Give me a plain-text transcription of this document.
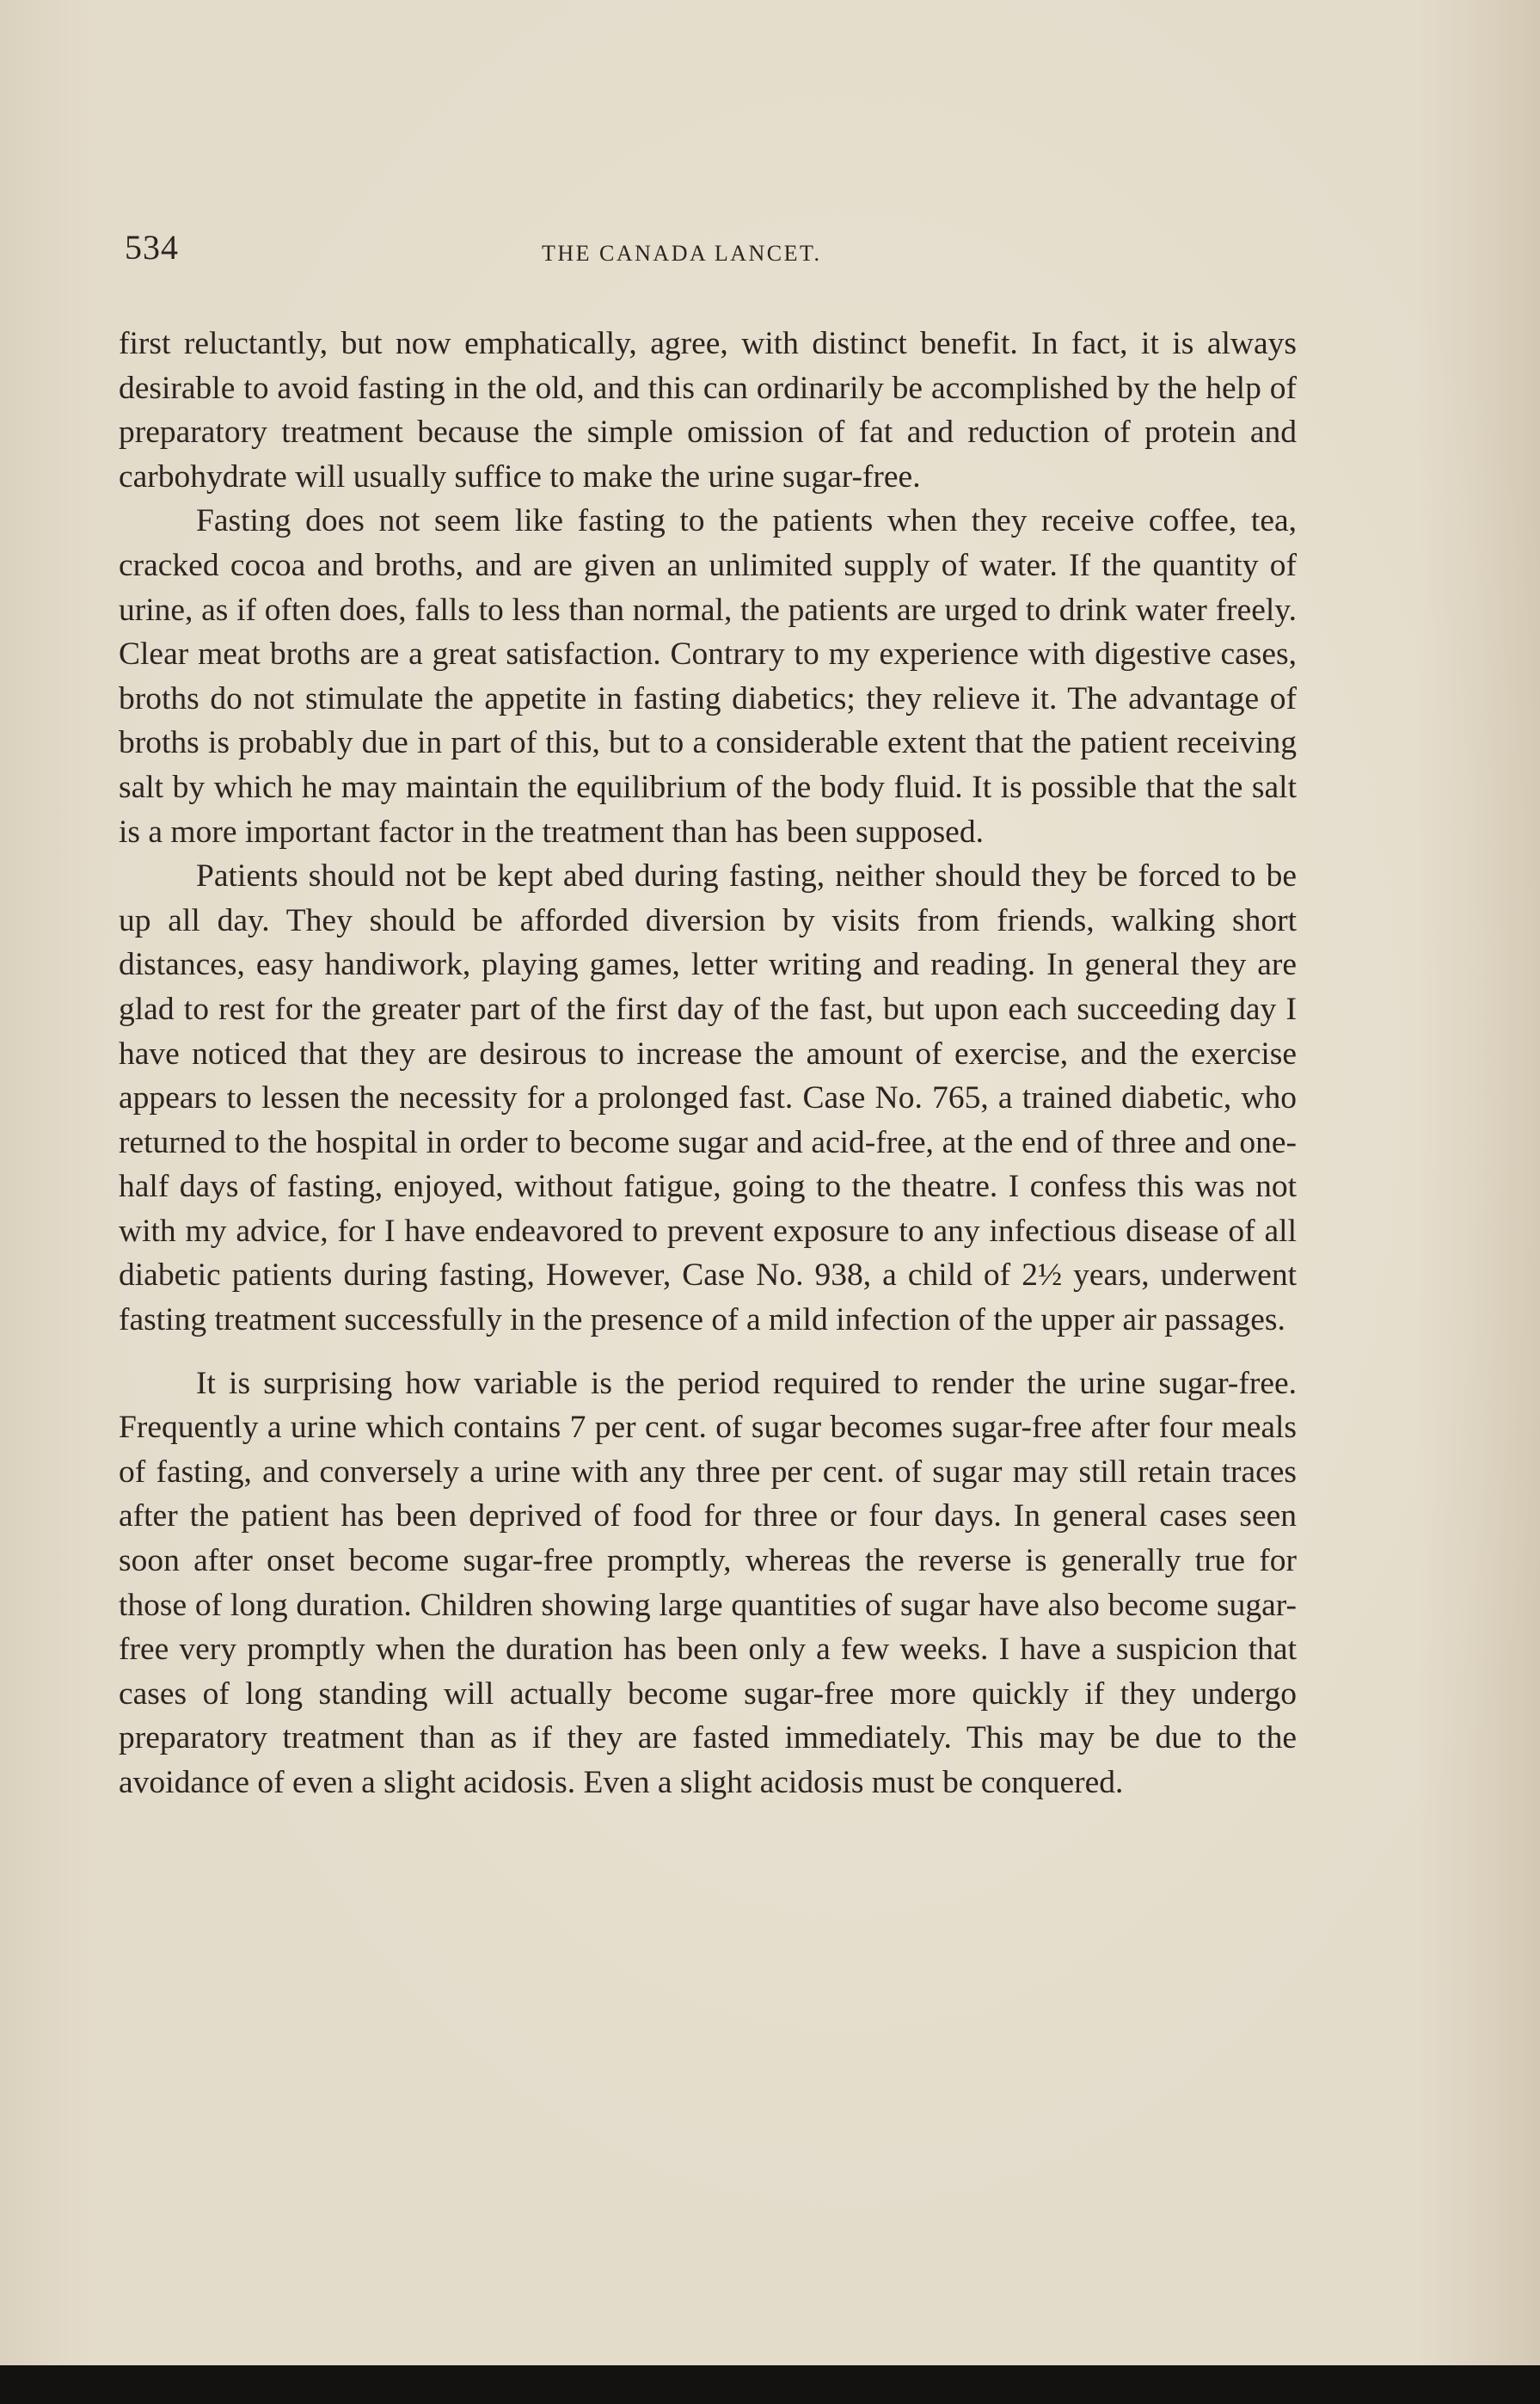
534	THE CANADA LANCET.

first reluctantly, but now emphatically, agree, with distinct benefit. In fact, it is always desirable to avoid fasting in the old, and this can ordinarily be accomplished by the help of preparatory treatment because the simple omission of fat and reduction of protein and carbohydrate will usually suffice to make the urine sugar-free.

Fasting does not seem like fasting to the patients when they receive coffee, tea, cracked cocoa and broths, and are given an unlimited supply of water. If the quantity of urine, as if often does, falls to less than normal, the patients are urged to drink water freely. Clear meat broths are a great satisfaction. Contrary to my experience with digestive cases, broths do not stimulate the appetite in fasting diabetics; they relieve it. The advantage of broths is probably due in part of this, but to a considerable extent that the patient receiving salt by which he may maintain the equilibrium of the body fluid. It is possible that the salt is a more important factor in the treatment than has been supposed.

Patients should not be kept abed during fasting, neither should they be forced to be up all day. They should be afforded diversion by visits from friends, walking short distances, easy handiwork, playing games, letter writing and reading. In general they are glad to rest for the greater part of the first day of the fast, but upon each succeeding day I have noticed that they are desirous to increase the amount of exercise, and the exercise appears to lessen the necessity for a prolonged fast. Case No. 765, a trained diabetic, who returned to the hospital in order to become sugar and acid-free, at the end of three and one-half days of fasting, enjoyed, without fatigue, going to the theatre. I confess this was not with my advice, for I have endeavored to prevent exposure to any infectious disease of all diabetic patients during fasting, However, Case No. 938, a child of 2½ years, underwent fasting treatment successfully in the presence of a mild infection of the upper air passages.

It is surprising how variable is the period required to render the urine sugar-free. Frequently a urine which contains 7 per cent. of sugar becomes sugar-free after four meals of fasting, and conversely a urine with any three per cent. of sugar may still retain traces after the patient has been deprived of food for three or four days. In general cases seen soon after onset become sugar-free promptly, whereas the reverse is generally true for those of long duration. Children showing large quantities of sugar have also become sugar-free very promptly when the duration has been only a few weeks. I have a suspicion that cases of long standing will actually become sugar-free more quickly if they undergo preparatory treatment than as if they are fasted immediately. This may be due to the avoidance of even a slight acidosis. Even a slight acidosis must be conquered.
